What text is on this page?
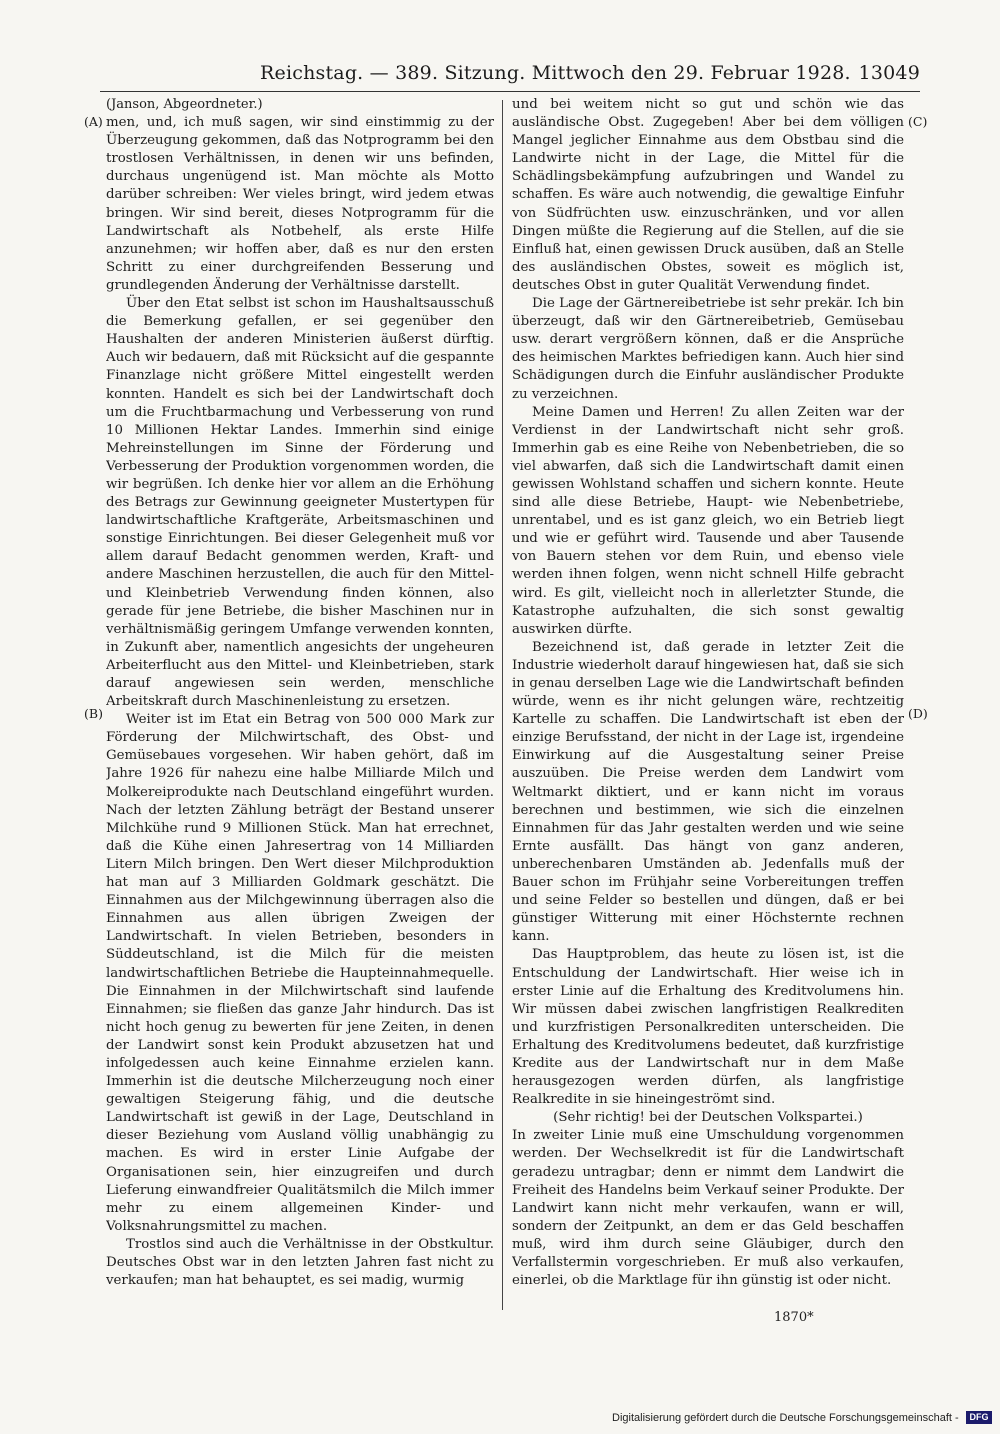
Reichstag. — 389. Sitzung. Mittwoch den 29. Februar 1928. 13049
(A)
(B)
(C)
(D)

(Janson, Abgeordneter.)

men, und, ich muß sagen, wir sind einstimmig zu der Überzeugung gekommen, daß das Notprogramm bei den trostlosen Verhältnissen, in denen wir uns befinden, durchaus ungenügend ist. Man möchte als Motto darüber schreiben: Wer vieles bringt, wird jedem etwas bringen. Wir sind bereit, dieses Notprogramm für die Landwirtschaft als Notbehelf, als erste Hilfe anzunehmen; wir hoffen aber, daß es nur den ersten Schritt zu einer durchgreifenden Besserung und grundlegenden Änderung der Verhältnisse darstellt.

Über den Etat selbst ist schon im Haushaltsausschuß die Bemerkung gefallen, er sei gegenüber den Haushalten der anderen Ministerien äußerst dürftig. Auch wir bedauern, daß mit Rücksicht auf die gespannte Finanzlage nicht größere Mittel eingestellt werden konnten. Handelt es sich bei der Landwirtschaft doch um die Fruchtbarmachung und Verbesserung von rund 10 Millionen Hektar Landes. Immerhin sind einige Mehreinstellungen im Sinne der Förderung und Verbesserung der Produktion vorgenommen worden, die wir begrüßen. Ich denke hier vor allem an die Erhöhung des Betrags zur Gewinnung geeigneter Mustertypen für landwirtschaftliche Kraftgeräte, Arbeitsmaschinen und sonstige Einrichtungen. Bei dieser Gelegenheit muß vor allem darauf Bedacht genommen werden, Kraft- und andere Maschinen herzustellen, die auch für den Mittel- und Kleinbetrieb Verwendung finden können, also gerade für jene Betriebe, die bisher Maschinen nur in verhältnismäßig geringem Umfange verwenden konnten, in Zukunft aber, namentlich angesichts der ungeheuren Arbeiterflucht aus den Mittel- und Kleinbetrieben, stark darauf angewiesen sein werden, menschliche Arbeitskraft durch Maschinenleistung zu ersetzen.

Weiter ist im Etat ein Betrag von 500 000 Mark zur Förderung der Milchwirtschaft, des Obst- und Gemüsebaues vorgesehen. Wir haben gehört, daß im Jahre 1926 für nahezu eine halbe Milliarde Milch und Molkereiprodukte nach Deutschland eingeführt wurden. Nach der letzten Zählung beträgt der Bestand unserer Milchkühe rund 9 Millionen Stück. Man hat errechnet, daß die Kühe einen Jahresertrag von 14 Milliarden Litern Milch bringen. Den Wert dieser Milchproduktion hat man auf 3 Milliarden Goldmark geschätzt. Die Einnahmen aus der Milchgewinnung überragen also die Einnahmen aus allen übrigen Zweigen der Landwirtschaft. In vielen Betrieben, besonders in Süddeutschland, ist die Milch für die meisten landwirtschaftlichen Betriebe die Haupteinnahmequelle. Die Einnahmen in der Milchwirtschaft sind laufende Einnahmen; sie fließen das ganze Jahr hindurch. Das ist nicht hoch genug zu bewerten für jene Zeiten, in denen der Landwirt sonst kein Produkt abzusetzen hat und infolgedessen auch keine Einnahme erzielen kann. Immerhin ist die deutsche Milcherzeugung noch einer gewaltigen Steigerung fähig, und die deutsche Landwirtschaft ist gewiß in der Lage, Deutschland in dieser Beziehung vom Ausland völlig unabhängig zu machen. Es wird in erster Linie Aufgabe der Organisationen sein, hier einzugreifen und durch Lieferung einwandfreier Qualitätsmilch die Milch immer mehr zu einem allgemeinen Kinder- und Volksnahrungsmittel zu machen.

Trostlos sind auch die Verhältnisse in der Obstkultur. Deutsches Obst war in den letzten Jahren fast nicht zu verkaufen; man hat behauptet, es sei madig, wurmig

und bei weitem nicht so gut und schön wie das ausländische Obst. Zugegeben! Aber bei dem völligen Mangel jeglicher Einnahme aus dem Obstbau sind die Landwirte nicht in der Lage, die Mittel für die Schädlingsbekämpfung aufzubringen und Wandel zu schaffen. Es wäre auch notwendig, die gewaltige Einfuhr von Südfrüchten usw. einzuschränken, und vor allen Dingen müßte die Regierung auf die Stellen, auf die sie Einfluß hat, einen gewissen Druck ausüben, daß an Stelle des ausländischen Obstes, soweit es möglich ist, deutsches Obst in guter Qualität Verwendung findet.

Die Lage der Gärtnereibetriebe ist sehr prekär. Ich bin überzeugt, daß wir den Gärtnereibetrieb, Gemüsebau usw. derart vergrößern können, daß er die Ansprüche des heimischen Marktes befriedigen kann. Auch hier sind Schädigungen durch die Einfuhr ausländischer Produkte zu verzeichnen.

Meine Damen und Herren! Zu allen Zeiten war der Verdienst in der Landwirtschaft nicht sehr groß. Immerhin gab es eine Reihe von Nebenbetrieben, die so viel abwarfen, daß sich die Landwirtschaft damit einen gewissen Wohlstand schaffen und sichern konnte. Heute sind alle diese Betriebe, Haupt- wie Nebenbetriebe, unrentabel, und es ist ganz gleich, wo ein Betrieb liegt und wie er geführt wird. Tausende und aber Tausende von Bauern stehen vor dem Ruin, und ebenso viele werden ihnen folgen, wenn nicht schnell Hilfe gebracht wird. Es gilt, vielleicht noch in allerletzter Stunde, die Katastrophe aufzuhalten, die sich sonst gewaltig auswirken dürfte.

Bezeichnend ist, daß gerade in letzter Zeit die Industrie wiederholt darauf hingewiesen hat, daß sie sich in genau derselben Lage wie die Landwirtschaft befinden würde, wenn es ihr nicht gelungen wäre, rechtzeitig Kartelle zu schaffen. Die Landwirtschaft ist eben der einzige Berufsstand, der nicht in der Lage ist, irgendeine Einwirkung auf die Ausgestaltung seiner Preise auszuüben. Die Preise werden dem Landwirt vom Weltmarkt diktiert, und er kann nicht im voraus berechnen und bestimmen, wie sich die einzelnen Einnahmen für das Jahr gestalten werden und wie seine Ernte ausfällt. Das hängt von ganz anderen, unberechenbaren Umständen ab. Jedenfalls muß der Bauer schon im Frühjahr seine Vorbereitungen treffen und seine Felder so bestellen und düngen, daß er bei günstiger Witterung mit einer Höchsternte rechnen kann.

Das Hauptproblem, das heute zu lösen ist, ist die Entschuldung der Landwirtschaft. Hier weise ich in erster Linie auf die Erhaltung des Kreditvolumens hin. Wir müssen dabei zwischen langfristigen Realkrediten und kurzfristigen Personalkrediten unterscheiden. Die Erhaltung des Kreditvolumens bedeutet, daß kurzfristige Kredite aus der Landwirtschaft nur in dem Maße herausgezogen werden dürfen, als langfristige Realkredite in sie hineingeströmt sind.

(Sehr richtig! bei der Deutschen Volkspartei.)

In zweiter Linie muß eine Umschuldung vorgenommen werden. Der Wechselkredit ist für die Landwirtschaft geradezu untragbar; denn er nimmt dem Landwirt die Freiheit des Handelns beim Verkauf seiner Produkte. Der Landwirt kann nicht mehr verkaufen, wann er will, sondern der Zeitpunkt, an dem er das Geld beschaffen muß, wird ihm durch seine Gläubiger, durch den Verfallstermin vorgeschrieben. Er muß also verkaufen, einerlei, ob die Marktlage für ihn günstig ist oder nicht.

1870*
Digitalisierung gefördert durch die Deutsche Forschungsgemeinschaft -	DFG
